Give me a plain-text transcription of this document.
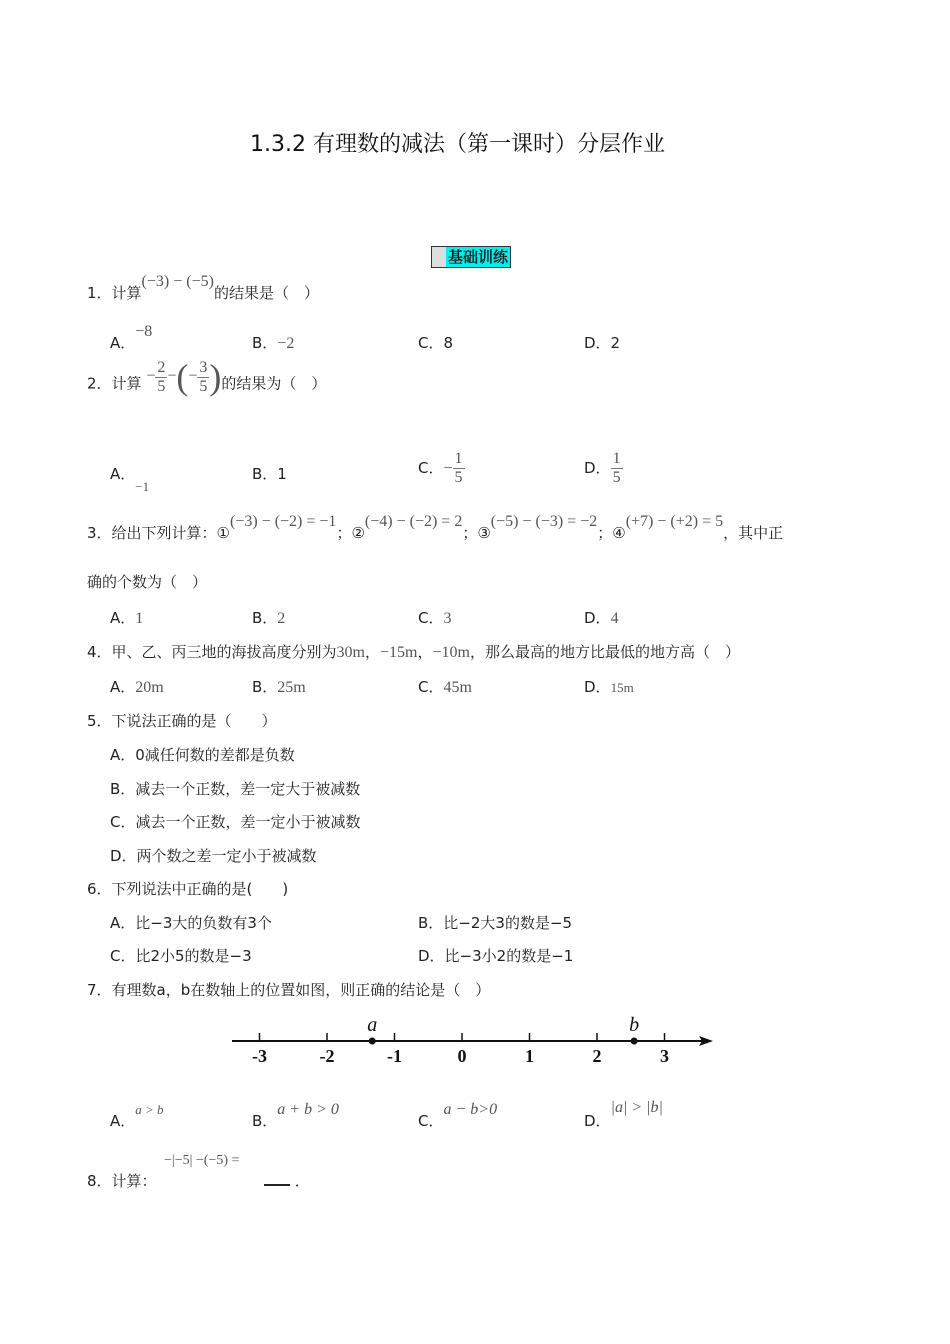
1.3.2 有理数的减法（第一课时）分层作业
基础训练
1．计算(−3) − (−5)的结果是（　）
A．−8
B．−2	C．8	D．2
2．计算 − $\frac{2}{5}$ −(− $\frac{3}{5}$ )的结果为（　）
A．−1
B．1	C．− $\frac{1}{5}$	D． $\frac{1}{5}$
3．给出下列计算：①(−3) − (−2) = −1；②(−4) − (−2) = 2；③(−5) − (−3) = −2；④(+7) − (+2) = 5，其中正
确的个数为（　）
A．1	B．2	C．3	D．4
4．甲、乙、丙三地的海拔高度分别为30m，−15m，−10m，那么最高的地方比最低的地方高（　）
A．20m	B．25m	C．45m	D．15m
5．下说法正确的是（　　）
A．0减任何数的差都是负数
B．减去一个正数，差一定大于被减数
C．减去一个正数，差一定小于被减数
D．两个数之差一定小于被减数
6．下列说法中正确的是(　　)
A．比−3大的负数有3个	B．比−2大3的数是−5
C．比2小5的数是−3	D．比−3小2的数是−1
7．有理数a，b在数轴上的位置如图，则正确的结论是（　）
-3	-2	-1	0	1	2	3
a	b
A．a > b
B．a + b > 0
C．a − b>0
D．|a| > |b|
8．计算：
−|−5| −(−5) =
．
